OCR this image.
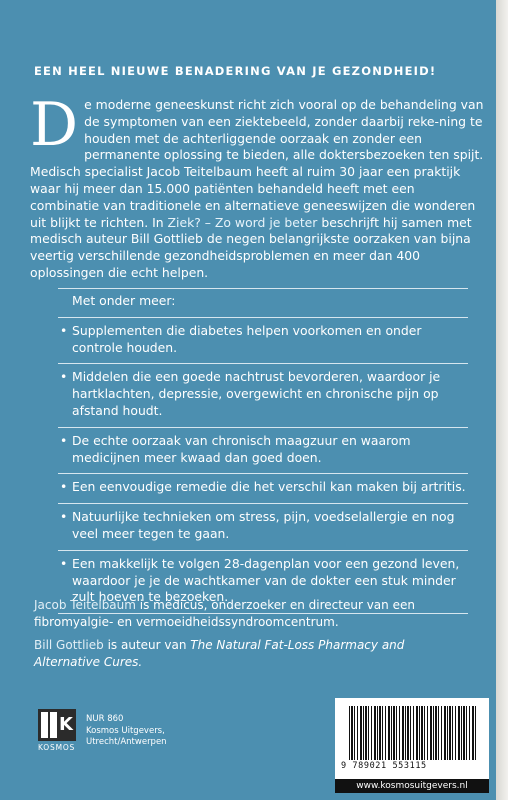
EEN HEEL NIEUWE BENADERING VAN JE GEZONDHEID!
De moderne geneeskunst richt zich vooral op de behandeling van de symptomen van een ziektebeeld, zonder daarbij reke-ning te houden met de achterliggende oorzaak en zonder een permanente oplossing te bieden, alle doktersbezoeken ten spijt. Medisch specialist Jacob Teitelbaum heeft al ruim 30 jaar een praktijk waar hij meer dan 15.000 patiënten behandeld heeft met een combinatie van traditionele en alternatieve geneeswijzen die wonderen uit blijkt te richten. In Ziek? – Zo word je beter beschrijft hij samen met medisch auteur Bill Gottlieb de negen belangrijkste oorzaken van bijna veertig verschillende gezondheidsproblemen en meer dan 400 oplossingen die echt helpen.
Met onder meer:
• Supplementen die diabetes helpen voorkomen en onder controle houden.
• Middelen die een goede nachtrust bevorderen, waardoor je hartklachten, depressie, overgewicht en chronische pijn op afstand houdt.
• De echte oorzaak van chronisch maagzuur en waarom medicijnen meer kwaad dan goed doen.
• Een eenvoudige remedie die het verschil kan maken bij artritis.
• Natuurlijke technieken om stress, pijn, voedselallergie en nog veel meer tegen te gaan.
• Een makkelijk te volgen 28-dagenplan voor een gezond leven, waardoor je je de wachtkamer van de dokter een stuk minder zult hoeven te bezoeken.
Jacob Teitelbaum is medicus, onderzoeker en directeur van een fibromyalgie- en vermoeidheidssyndroomcentrum.
Bill Gottlieb is auteur van The Natural Fat-Loss Pharmacy and Alternative Cures.
K
KOSMOS
NUR 860
Kosmos Uitgevers,
Utrecht/Antwerpen
9 789021 553115
www.kosmosuitgevers.nl
